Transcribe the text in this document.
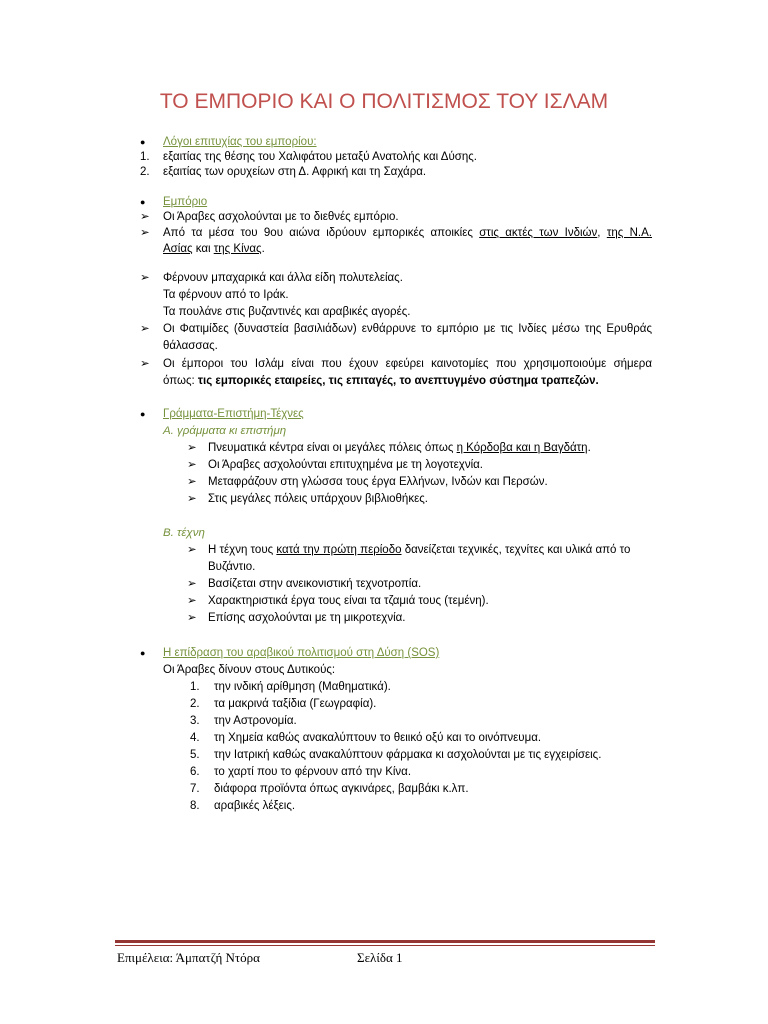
ΤΟ ΕΜΠΟΡΙΟ ΚΑΙ Ο ΠΟΛΙΤΙΣΜΟΣ ΤΟΥ ΙΣΛΑΜ
●	Λόγοι επιτυχίας του εμπορίου:
1.	εξαιτίας της θέσης του Χαλιφάτου μεταξύ Ανατολής και Δύσης.
2.	εξαιτίας των ορυχείων στη Δ. Αφρική και τη Σαχάρα.
●	Εμπόριο
➢	Οι Άραβες ασχολούνται με το διεθνές εμπόριο.
➢	Από τα μέσα του 9ου αιώνα ιδρύουν εμπορικές αποικίες στις ακτές των Ινδιών, της Ν.Α.
Ασίας και της Κίνας.
➢	Φέρνουν μπαχαρικά και άλλα είδη πολυτελείας.
Τα φέρνουν από το Ιράκ.
Τα πουλάνε στις βυζαντινές και αραβικές αγορές.
➢	Οι Φατιμίδες (δυναστεία βασιλιάδων) ενθάρρυνε το εμπόριο με τις Ινδίες μέσω της Ερυθράς
θάλασσας.
➢	Οι έμποροι του Ισλάμ είναι που έχουν εφεύρει καινοτομίες που χρησιμοποιούμε σήμερα
όπως: τις εμπορικές εταιρείες, τις επιταγές, το ανεπτυγμένο σύστημα τραπεζών.
●	Γράμματα-Επιστήμη-Τέχνες
Α. γράμματα κι επιστήμη
➢ Πνευματικά κέντρα είναι οι μεγάλες πόλεις όπως η Κόρδοβα και η Βαγδάτη.
➢ Οι Άραβες ασχολούνται επιτυχημένα με τη λογοτεχνία.
➢ Μεταφράζουν στη γλώσσα τους έργα Ελλήνων, Ινδών και Περσών.
➢ Στις μεγάλες πόλεις υπάρχουν βιβλιοθήκες.
Β. τέχνη
➢ Η τέχνη τους κατά την πρώτη περίοδο δανείζεται τεχνικές, τεχνίτες και υλικά από το
Βυζάντιο.
➢ Βασίζεται στην ανεικονιστική τεχνοτροπία.
➢ Χαρακτηριστικά έργα τους είναι τα τζαμιά τους (τεμένη).
➢ Επίσης ασχολούνται με τη μικροτεχνία.
●	Η επίδραση του αραβικού πολιτισμού στη Δύση (SOS)
Οι Άραβες δίνουν στους Δυτικούς:
1.	την ινδική αρίθμηση (Μαθηματικά).
2.	τα μακρινά ταξίδια (Γεωγραφία).
3.	την Αστρονομία.
4.	τη Χημεία καθώς ανακαλύπτουν το θειικό οξύ και το οινόπνευμα.
5.	την Ιατρική καθώς ανακαλύπτουν φάρμακα κι ασχολούνται με τις εγχειρίσεις.
6.	το χαρτί που το φέρνουν από την Κίνα.
7.	διάφορα προϊόντα όπως αγκινάρες, βαμβάκι κ.λπ.
8.	αραβικές λέξεις.
Επιμέλεια: Άμπατζή Ντόρα	Σελίδα 1
